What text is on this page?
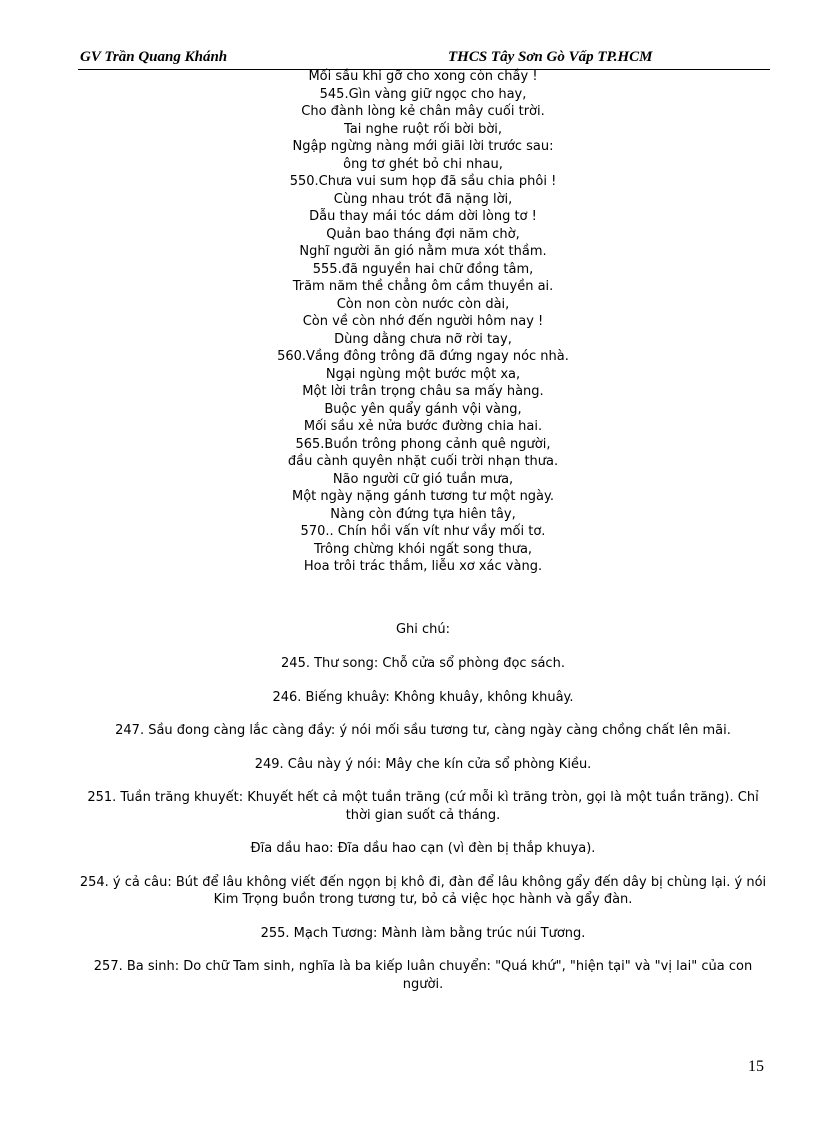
GV Trần Quang Khánh	THCS Tây Sơn Gò Vấp TP.HCM
Mối sầu khi gỡ cho xong còn chầy !
545.Gìn vàng giữ ngọc cho hay,
Cho đành lòng kẻ chân mây cuối trời.
Tai nghe ruột rối bời bời,
Ngập ngừng nàng mới giãi lời trước sau:
ông tơ ghét bỏ chi nhau,
550.Chưa vui sum họp đã sầu chia phôi !
Cùng nhau trót đã nặng lời,
Dẫu thay mái tóc dám dời lòng tơ !
Quản bao tháng đợi năm chờ,
Nghĩ người ăn gió nằm mưa xót thầm.
555.đã nguyền hai chữ đồng tâm,
Trăm năm thề chẳng ôm cầm thuyền ai.
Còn non còn nước còn dài,
Còn về còn nhớ đến người hôm nay !
Dùng dằng chưa nỡ rời tay,
560.Vầng đông trông đã đứng ngay nóc nhà.
Ngại ngùng một bước một xa,
Một lời trân trọng châu sa mấy hàng.
Buộc yên quẩy gánh vội vàng,
Mối sầu xẻ nửa bước đường chia hai.
565.Buồn trông phong cảnh quê người,
đầu cành quyên nhặt cuối trời nhạn thưa.
Não người cữ gió tuần mưa,
Một ngày nặng gánh tương tư một ngày.
Nàng còn đứng tựa hiên tây,
570.. Chín hồi vấn vít như vầy mối tơ.
Trông chừng khói ngất song thưa,
Hoa trôi trác thắm, liễu xơ xác vàng.
Ghi chú:

245. Thư song: Chỗ cửa sổ phòng đọc sách.

246. Biếng khuây: Không khuây, không khuây.

247. Sầu đong càng lắc càng đầy: ý nói mối sầu tương tư, càng ngày càng chồng chất lên mãi.

249. Câu này ý nói: Mây che kín cửa sổ phòng Kiều.

251. Tuần trăng khuyết: Khuyết hết cả một tuần trăng (cứ mỗi kì trăng tròn, gọi là một tuần trăng). Chỉ thời gian suốt cả tháng.

Đĩa dầu hao: Đĩa dầu hao cạn (vì đèn bị thắp khuya).

254. ý cả câu: Bút để lâu không viết đến ngọn bị khô đi, đàn để lâu không gẩy đến dây bị chùng lại. ý nói Kim Trọng buồn trong tương tư, bỏ cả việc học hành và gẩy đàn.

255. Mạch Tương: Mành làm bằng trúc núi Tương.

257. Ba sinh: Do chữ Tam sinh, nghĩa là ba kiếp luân chuyển: "Quá khứ", "hiện tại" và "vị lai" của con người.

15
